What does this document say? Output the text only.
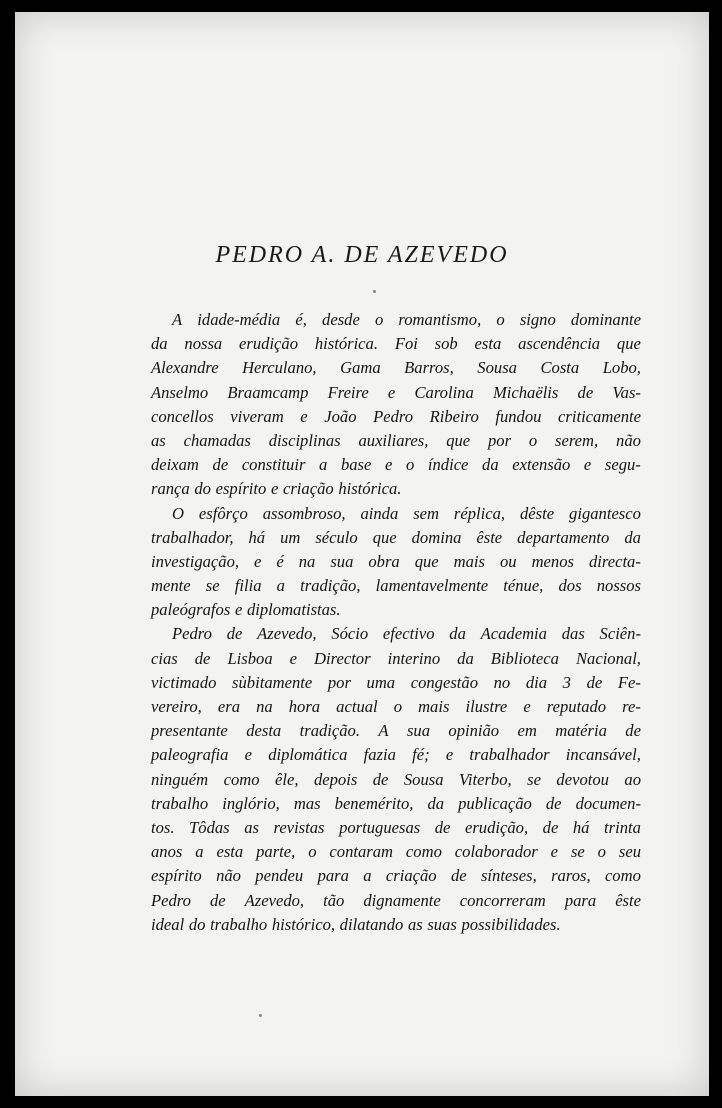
PEDRO A. DE AZEVEDO
A idade-média é, desde o romantismo, o signo dominante
da nossa erudição histórica. Foi sob esta ascendência que
Alexandre Herculano, Gama Barros, Sousa Costa Lobo,
Anselmo Braamcamp Freire e Carolina Michaëlis de Vas-
concellos viveram e João Pedro Ribeiro fundou criticamente
as chamadas disciplinas auxiliares, que por o serem, não
deixam de constituir a base e o índice da extensão e segu-
rança do espírito e criação histórica.
O esfôrço assombroso, ainda sem réplica, dêste gigantesco
trabalhador, há um século que domina êste departamento da
investigação, e é na sua obra que mais ou menos directa-
mente se filia a tradição, lamentavelmente ténue, dos nossos
paleógrafos e diplomatistas.
Pedro de Azevedo, Sócio efectivo da Academia das Sciên-
cias de Lisboa e Director interino da Biblioteca Nacional,
victimado sùbitamente por uma congestão no dia 3 de Fe-
vereiro, era na hora actual o mais ilustre e reputado re-
presentante desta tradição. A sua opinião em matéria de
paleografia e diplomática fazia fé; e trabalhador incansável,
ninguém como êle, depois de Sousa Viterbo, se devotou ao
trabalho inglório, mas benemérito, da publicação de documen-
tos. Tôdas as revistas portuguesas de erudição, de há trinta
anos a esta parte, o contaram como colaborador e se o seu
espírito não pendeu para a criação de sínteses, raros, como
Pedro de Azevedo, tão dignamente concorreram para êste
ideal do trabalho histórico, dilatando as suas possibilidades.
